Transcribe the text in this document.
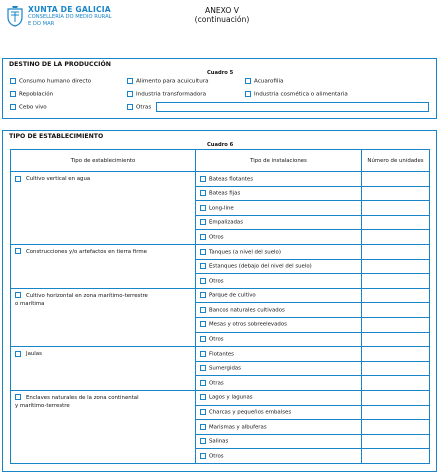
XUNTA DE GALICIA
CONSELLERÍA DO MEDIO RURAL
E DO MAR
ANEXO V
(continuación)
DESTINO DE LA PRODUCCIÓN
Cuadro 5
Consumo humano directo	Alimento para acuicultura	Acuarofilia
Repoblación	Industria transformadora	Industria cosmética o alimentaria
Cebo vivo	Otras
TIPO DE ESTABLECIMIENTO
Cuadro 6
Tipo de establecimiento	Tipo de instalaciones	Número de unidades
Cultivo vertical en agua	Bateas flotantes	
	Bateas fijas	
	Long-line	
	Empalizadas	
	Otros	
Construcciones y/o artefactos en tierra firme	Tanques (a nivel del suelo)	
	Estanques (debajo del nivel del suelo)	
	Otros	
Cultivo horizontal en zona marítimo-terrestre
o marítima	Parque de cultivo	
	Bancos naturales cultivados	
	Mesas y otros sobreelevados	
	Otros	
Jaulas	Flotantes	
	Sumergidas	
	Otras	
Enclaves naturales de la zona continental
y marítimo-terrestre	Lagos y lagunas	
	Charcas y pequeños embalses	
	Marismas y albuferas	
	Salinas	
	Otros	
